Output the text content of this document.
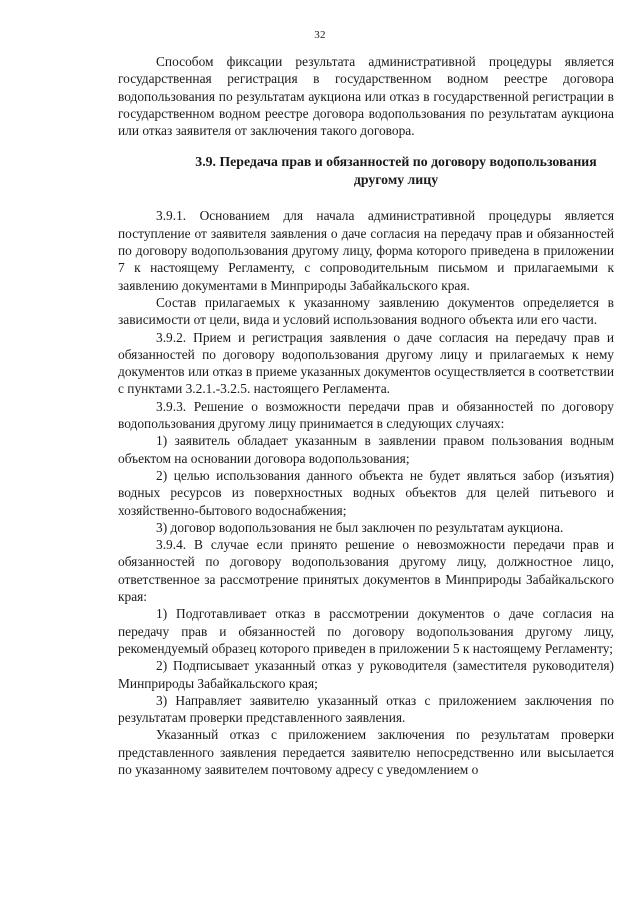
32

Способом фиксации результата административной процедуры является государственная регистрация в государственном водном реестре договора водопользования по результатам аукциона или отказ в государственной регистрации в государственном водном реестре договора водопользования по результатам аукциона или отказ заявителя от заключения такого договора.

3.9. Передача прав и обязанностей по договору водопользования другому лицу

3.9.1. Основанием для начала административной процедуры является поступление от заявителя заявления о даче согласия на передачу прав и обязанностей по договору водопользования другому лицу, форма которого приведена в приложении 7 к настоящему Регламенту, с сопроводительным письмом и прилагаемыми к заявлению документами в Минприроды Забайкальского края.

Состав прилагаемых к указанному заявлению документов определяется в зависимости от цели, вида и условий использования водного объекта или его части.

3.9.2. Прием и регистрация заявления о даче согласия на передачу прав и обязанностей по договору водопользования другому лицу и прилагаемых к нему документов или отказ в приеме указанных документов осуществляется в соответствии с пунктами 3.2.1.-3.2.5. настоящего Регламента.

3.9.3. Решение о возможности передачи прав и обязанностей по договору водопользования другому лицу принимается в следующих случаях:

1) заявитель обладает указанным в заявлении правом пользования водным объектом на основании договора водопользования;

2) целью использования данного объекта не будет являться забор (изъятия) водных ресурсов из поверхностных водных объектов для целей питьевого и хозяйственно-бытового водоснабжения;

3) договор водопользования не был заключен по результатам аукциона.

3.9.4. В случае если принято решение о невозможности передачи прав и обязанностей по договору водопользования другому лицу, должностное лицо, ответственное за рассмотрение принятых документов в Минприроды Забайкальского края:

1) Подготавливает отказ в рассмотрении документов о даче согласия на передачу прав и обязанностей по договору водопользования другому лицу, рекомендуемый образец которого приведен в приложении 5 к настоящему Регламенту;

2) Подписывает указанный отказ у руководителя (заместителя руководителя) Минприроды Забайкальского края;

3) Направляет заявителю указанный отказ с приложением заключения по результатам проверки представленного заявления.

Указанный отказ с приложением заключения по результатам проверки представленного заявления передается заявителю непосредственно или высылается по указанному заявителем почтовому адресу с уведомлением о
